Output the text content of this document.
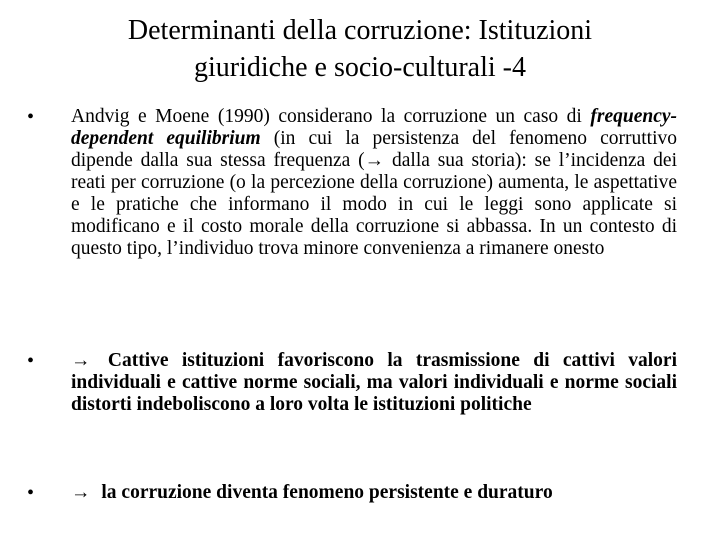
Determinanti della corruzione: Istituzioni
giuridiche e socio-culturali -4
• Andvig e Moene (1990) considerano la corruzione un caso di frequency-dependent equilibrium (in cui la persistenza del fenomeno corruttivo dipende dalla sua stessa frequenza (→ dalla sua storia): se l’incidenza dei reati per corruzione (o la percezione della corruzione) aumenta, le aspettative e le pratiche che informano il modo in cui le leggi sono applicate si modificano e il costo morale della corruzione si abbassa. In un contesto di questo tipo, l’individuo trova minore convenienza a rimanere onesto
• → Cattive istituzioni favoriscono la trasmissione di cattivi valori individuali e cattive norme sociali, ma valori individuali e norme sociali distorti indeboliscono a loro volta le istituzioni politiche
• → la corruzione diventa fenomeno persistente e duraturo
